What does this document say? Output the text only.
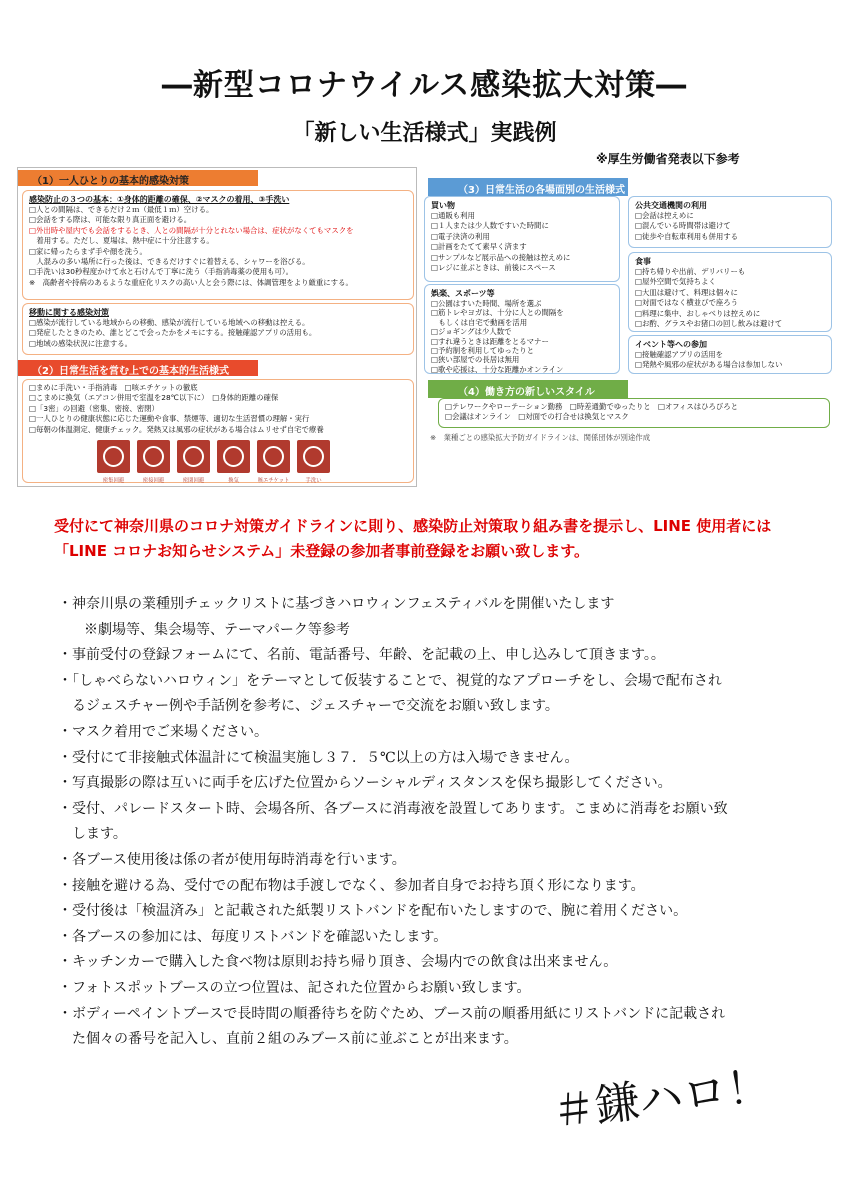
―新型コロナウイルス感染拡大対策―
「新しい生活様式」実践例
※厚生労働省発表以下参考
（1）一人ひとりの基本的感染対策
感染防止の３つの基本：①身体的距離の確保、②マスクの着用、③手洗い
□人との間隔は、できるだけ２ｍ（最低１ｍ）空ける。
□会話をする際は、可能な限り真正面を避ける。
□外出時や屋内でも会話をするとき、人との間隔が十分とれない場合は、症状がなくてもマスクを
　着用する。ただし、夏場は、熱中症に十分注意する。
□家に帰ったらまず手や顔を洗う。
　人混みの多い場所に行った後は、できるだけすぐに着替える、シャワーを浴びる。
□手洗いは30秒程度かけて水と石けんで丁寧に洗う（手指消毒薬の使用も可）。
※　高齢者や持病のあるような重症化リスクの高い人と会う際には、体調管理をより厳重にする。
移動に関する感染対策
□感染が流行している地域からの移動、感染が流行している地域への移動は控える。
□発症したときのため、誰とどこで会ったかをメモにする。接触確認アプリの活用も。
□地域の感染状況に注意する。
（2）日常生活を営む上での基本的生活様式
□まめに手洗い・手指消毒　□咳エチケットの徹底
□こまめに換気（エアコン併用で室温を28℃以下に）　□身体的距離の確保
□「3密」の回避（密集、密接、密閉）
□一人ひとりの健康状態に応じた運動や食事、禁煙等、適切な生活習慣の理解・実行
□毎朝の体温測定、健康チェック。発熱又は風邪の症状がある場合はムリせず自宅で療養
密集回避	密接回避	密閉回避	換気	咳エチケット	手洗い
（3）日常生活の各場面別の生活様式
買い物
□通販も利用
□１人または少人数ですいた時間に
□電子決済の利用
□計画をたてて素早く済ます
□サンプルなど展示品への接触は控えめに
□レジに並ぶときは、前後にスペース
娯楽、スポーツ等
□公園はすいた時間、場所を選ぶ
□筋トレやヨガは、十分に人との間隔を
　もしくは自宅で動画を活用
□ジョギングは少人数で
□すれ違うときは距離をとるマナー
□予約制を利用してゆったりと
□狭い部屋での長居は無用
□歌や応援は、十分な距離かオンライン
公共交通機関の利用
□会話は控えめに
□混んでいる時間帯は避けて
□徒歩や自転車利用も併用する
食事
□持ち帰りや出前、デリバリーも
□屋外空間で気持ちよく
□大皿は避けて、料理は個々に
□対面ではなく横並びで座ろう
□料理に集中、おしゃべりは控えめに
□お酌、グラスやお猪口の回し飲みは避けて
イベント等への参加
□接触確認アプリの活用を
□発熱や風邪の症状がある場合は参加しない
（4）働き方の新しいスタイル
□テレワークやローテーション勤務　□時差通勤でゆったりと　□オフィスはひろびろと
□会議はオンライン　□対面での打合せは換気とマスク
※　業種ごとの感染拡大予防ガイドラインは、関係団体が別途作成
受付にて神奈川県のコロナ対策ガイドラインに則り、感染防止対策取り組み書を提示し、LINE 使用者には
「LINE コロナお知らせシステム」未登録の参加者事前登録をお願い致します。
・神奈川県の業種別チェックリストに基づきハロウィンフェスティバルを開催いたします
※劇場等、集会場等、テーマパーク等参考
・事前受付の登録フォームにて、名前、電話番号、年齢、を記載の上、申し込みして頂きます。。
・「しゃべらないハロウィン」をテーマとして仮装することで、視覚的なアプローチをし、会場で配布され
るジェスチャー例や手話例を参考に、ジェスチャーで交流をお願い致します。
・マスク着用でご来場ください。
・受付にて非接触式体温計にて検温実施し３７．５℃以上の方は入場できません。
・写真撮影の際は互いに両手を広げた位置からソーシャルディスタンスを保ち撮影してください。
・受付、パレードスタート時、会場各所、各ブースに消毒液を設置してあります。こまめに消毒をお願い致
します。
・各ブース使用後は係の者が使用毎時消毒を行います。
・接触を避ける為、受付での配布物は手渡しでなく、参加者自身でお持ち頂く形になります。
・受付後は「検温済み」と記載された紙製リストバンドを配布いたしますので、腕に着用ください。
・各ブースの参加には、毎度リストバンドを確認いたします。
・キッチンカーで購入した食べ物は原則お持ち帰り頂き、会場内での飲食は出来ません。
・フォトスポットブースの立つ位置は、記された位置からお願い致します。
・ボディーペイントブースで長時間の順番待ちを防ぐため、ブース前の順番用紙にリストバンドに記載され
た個々の番号を記入し、直前２組のみブース前に並ぶことが出来ます。
＃鎌ハロ！
